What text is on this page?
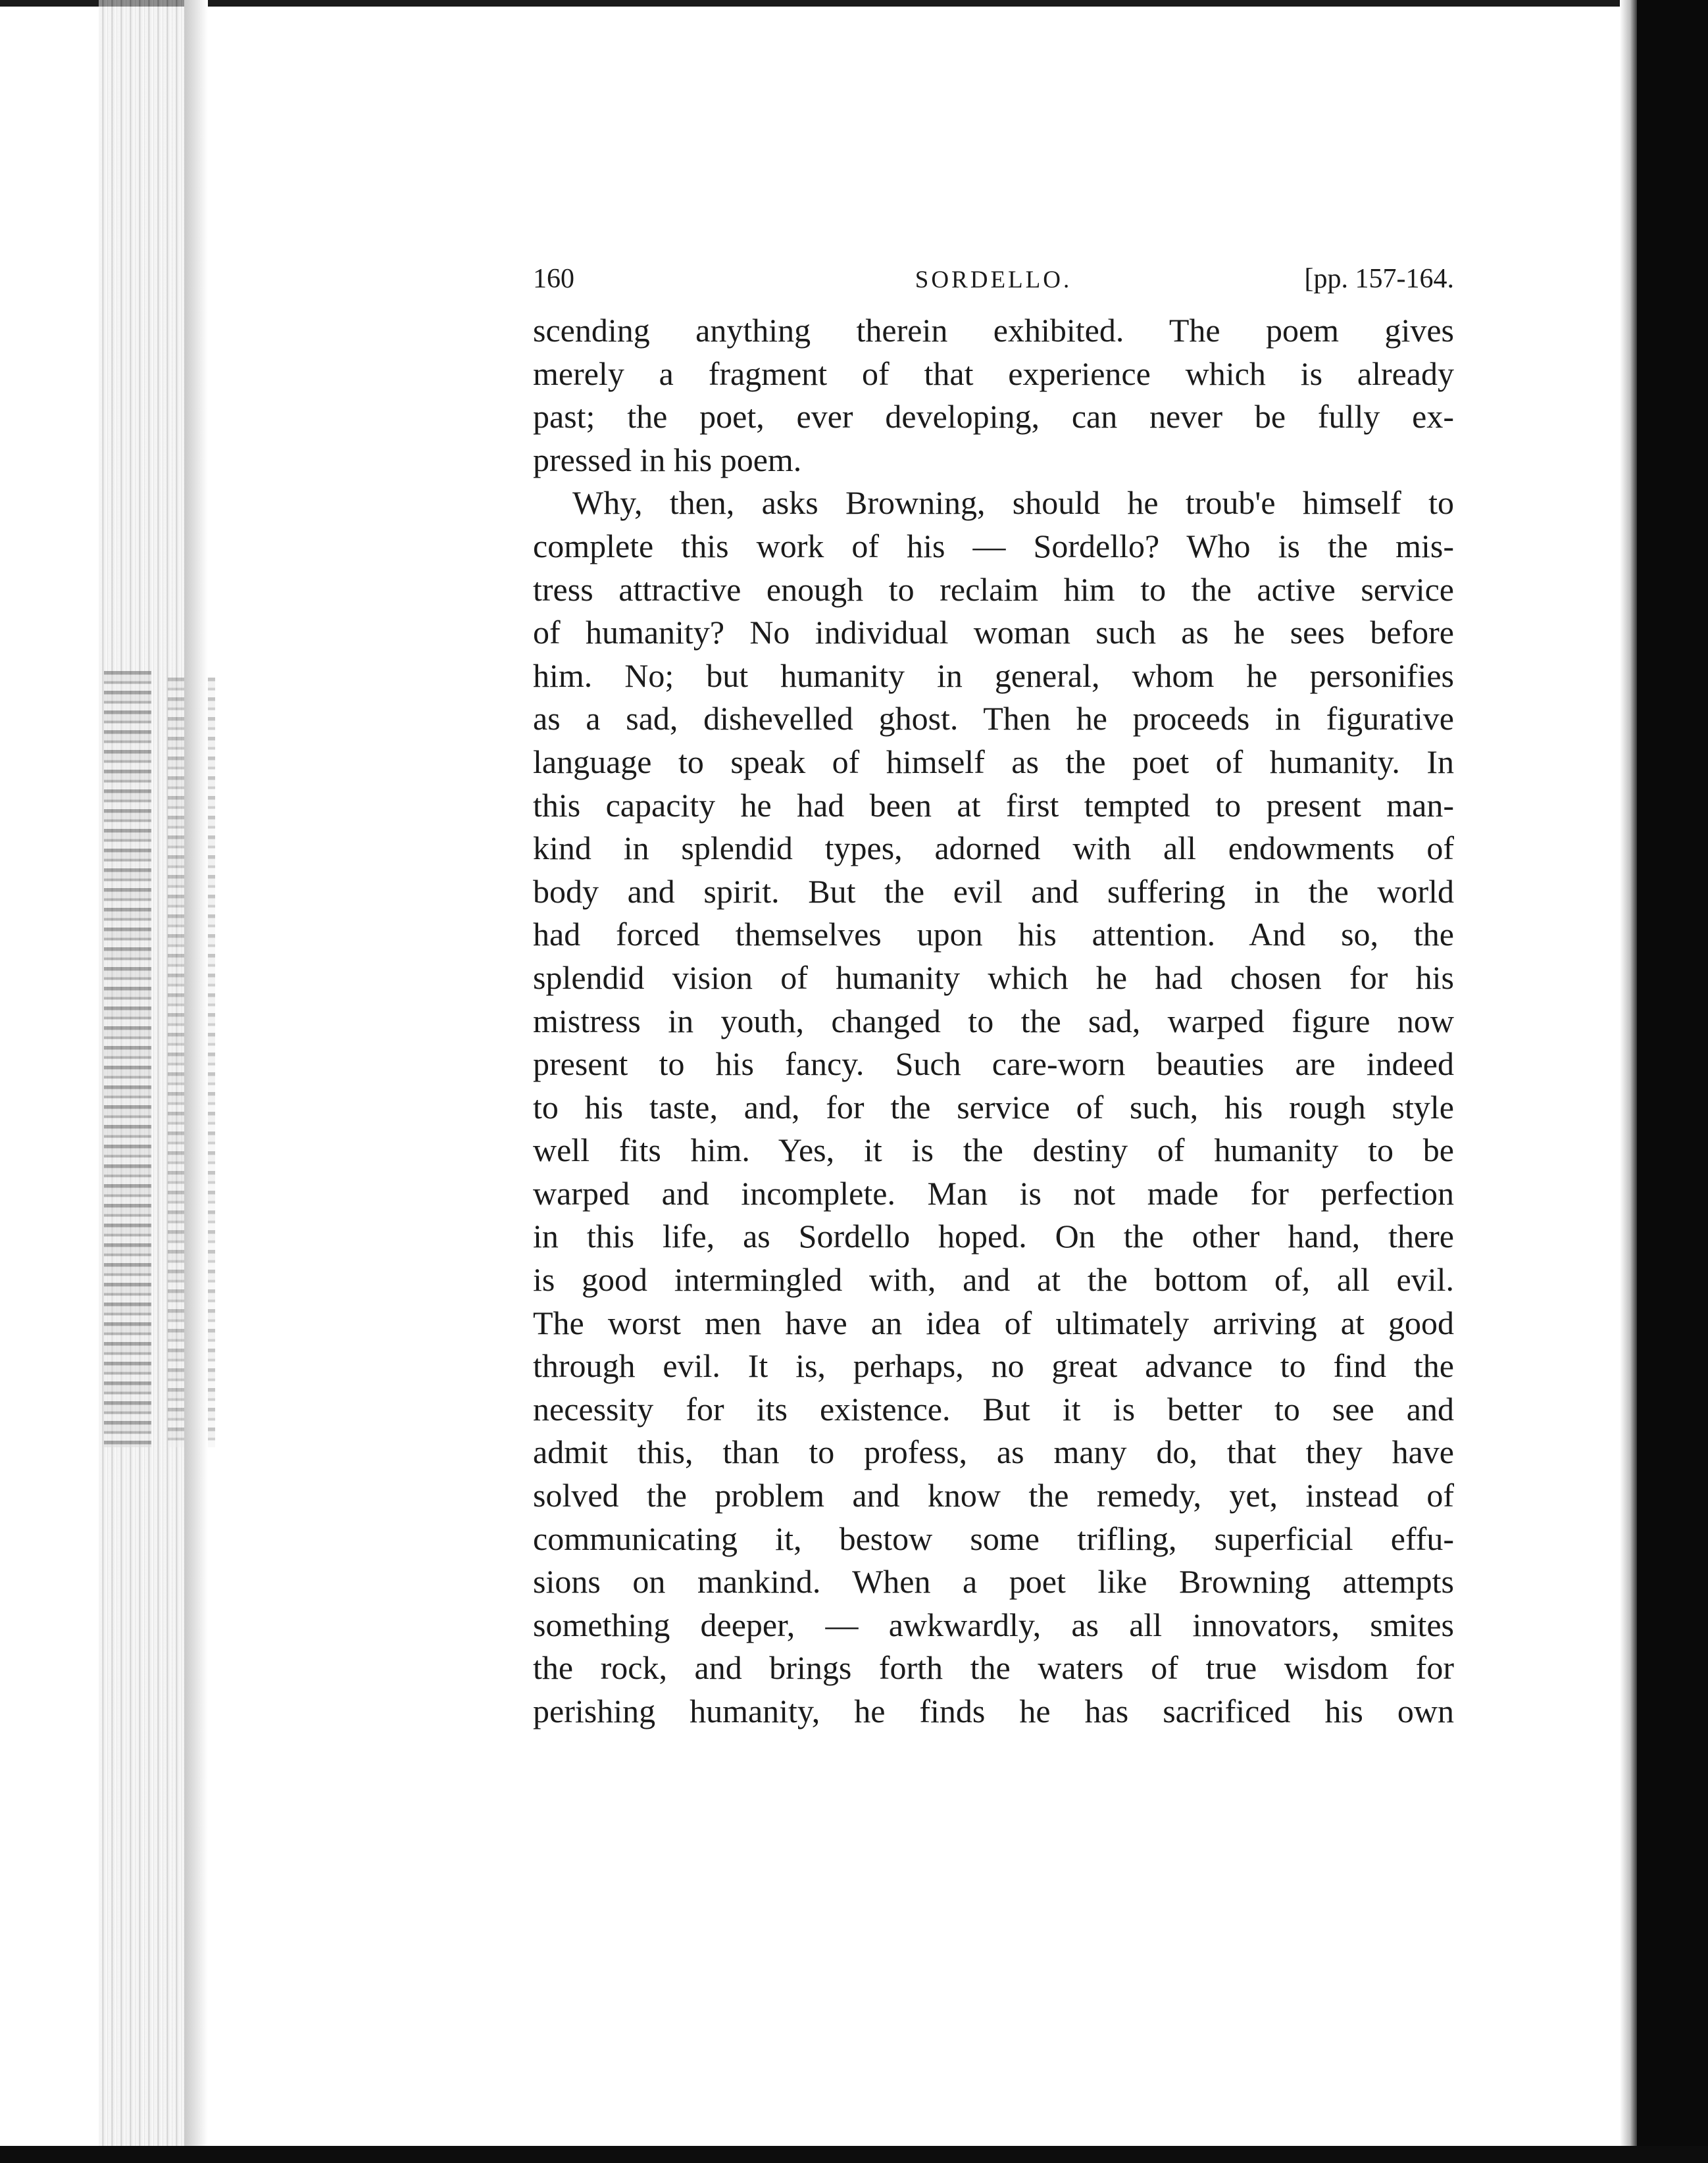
160	SORDELLO.	[pp. 157-164.

scending anything therein exhibited. The poem gives
merely a fragment of that experience which is already
past; the poet, ever developing, can never be fully ex-
pressed in his poem.

Why, then, asks Browning, should he troub'e himself to
complete this work of his — Sordello? Who is the mis-
tress attractive enough to reclaim him to the active service
of humanity? No individual woman such as he sees before
him. No; but humanity in general, whom he personifies
as a sad, dishevelled ghost. Then he proceeds in figurative
language to speak of himself as the poet of humanity. In
this capacity he had been at first tempted to present man-
kind in splendid types, adorned with all endowments of
body and spirit. But the evil and suffering in the world
had forced themselves upon his attention. And so, the
splendid vision of humanity which he had chosen for his
mistress in youth, changed to the sad, warped figure now
present to his fancy. Such care-worn beauties are indeed
to his taste, and, for the service of such, his rough style
well fits him. Yes, it is the destiny of humanity to be
warped and incomplete. Man is not made for perfection
in this life, as Sordello hoped. On the other hand, there
is good intermingled with, and at the bottom of, all evil.
The worst men have an idea of ultimately arriving at good
through evil. It is, perhaps, no great advance to find the
necessity for its existence. But it is better to see and
admit this, than to profess, as many do, that they have
solved the problem and know the remedy, yet, instead of
communicating it, bestow some trifling, superficial effu-
sions on mankind. When a poet like Browning attempts
something deeper, — awkwardly, as all innovators, smites
the rock, and brings forth the waters of true wisdom for
perishing humanity, he finds he has sacrificed his own
